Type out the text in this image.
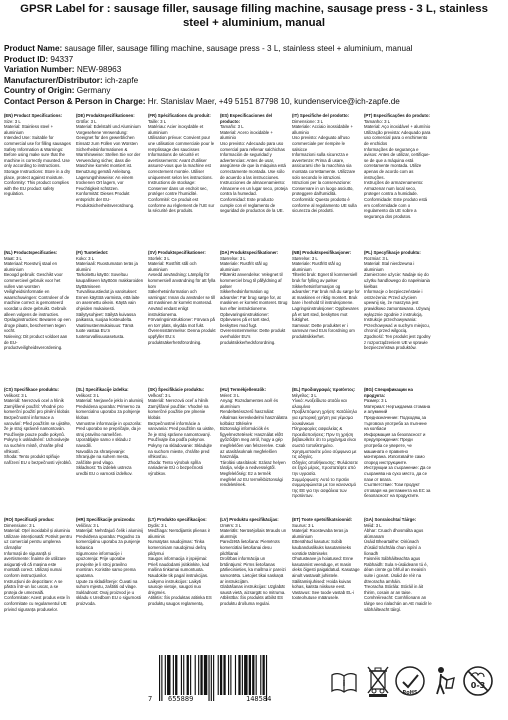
GPSR Label for : sausage filler, sausage filling machine, sausage press - 3 L, stainless steel + aluminium, manual
Product Name: sausage filler, sausage filling machine, sausage press - 3 L, stainless steel + aluminium, manual
Product ID: 94337
Variation Number: NEW-98963
Manufacturer/Distributor: ich-zapfe
Country of Origin: Germany
Contact Person & Person in Charge: Hr. Stanislav Maer, +49 5151 87798 10, kundenservice@ich-zapfe.de
(EN) Product Specifications:
Size: 3 L
Material: Stainless steel + aluminium
Intended Use: Suitable for commercial use for filling sausages
Safety Information & Warnings: Before using make sure that the machine is correctly mounted. Use only according to instructions.
Storage Instructions: Store in a dry place, protect against moisture.
Conformity: This product complies with the EU product safety regulation.
(DE) Produktspezifikationen:
Größe: 3 L
Material: Edelstahl und Aluminium
Vorgesehene Verwendung: Geeignet für den gewerblichen Einsatz zum Füllen von Würsten
Sicherheitsinformationen & Warnhinweise: Stellen Sie vor der Verwendung sicher, dass die Maschine korrekt montiert ist. Benutzung gemäß Anleitung.
Lagerungshinweise: An einem trockenen Ort lagern, vor Feuchtigkeit schützen.
Konformität: Dieses Produkt entspricht der EU-Produktsicherheitsverordnung.
(FR) Spécifications du produit:
Taille: 3 L
Matériau: Acier inoxydable et aluminium
Utilisation prévue: Convient pour une utilisation commerciale pour le remplissage des saucisses
Informations de sécurité et avertissements: Avant d'utiliser assurez-vous que la machine est correctement montée. Utiliser uniquement selon les instructions.
Instructions de stockage: Conserver dans un endroit sec, protéger contre l'humidité.
Conformité: Ce produit est conforme au règlement de l'UE sur la sécurité des produits.
(ES) Especificaciones del producto:
Tamaño: 3 L
Material: Acero inoxidable + aluminio
Uso previsto: Adecuado para uso comercial para rellenar salchichas
Información de seguridad y advertencias: Antes de usar, asegúrese de que la máquina está correctamente montada. Use sólo de acuerdo a las instrucciones.
Instrucciones de almacenamiento: Almacene en un lugar seco, proteja contra la humedad.
Conformidad: Este producto cumple con el reglamento de seguridad de productos de la UE.
(IT) Specifiche del prodotto:
Dimensione: 3 L
Materiale: Acciaio inossidabile + alluminio
Uso previsto: Adeguato all'uso commerciale per riempire le salsicce
Informazioni sulla sicurezza e avvertenze: Prima di usare, assicurarsi che la macchina sia montata correttamente. Utilizzare solo secondo le istruzioni.
Istruzioni per la conservazione: Conservare in un luogo asciutto, proteggere dall'umidità.
Conformità: Questo prodotto è conforme al regolamento UE sulla sicurezza dei prodotti.
(PT) Especificações do produto:
Tamanho: 3 L
Material: Aço inoxidável + alumínio
Utilização prevista: Adequado para uso comercial para o enchimento de enchidos
Informações de segurança e avisos: Antes de utilizar, certifique-se de que a máquina está corretamente montada. Utilize apenas de acordo com as instruções.
Instruções de armazenamento: Armazenar num local seco, proteger contra a humidade.
Conformidade: Este produto está em conformidade com o regulamento da UE sobre a segurança dos produtos.
(NL) Productspecificaties:
Maat: 3 L
Materiaal: Roestvrij staal en aluminium
Beoogd gebruik: Geschikt voor commercieel gebruik voor het vullen van worsten
Veiligheidsinformatie en waarschuwingen: Controleer of de machine correct is gemonteerd voordat u deze gebruikt. Gebruik alleen volgens de instructies.
Opslaginstructies: Bewaren op een droge plaats, beschermen tegen vocht.
Naleving: Dit product voldoet aan de EU-productveiligheidsverordening.
(FI) Tuotetiedot:
Koko: 3 L
Materiaali: Ruostumaton teräs ja alumiini
Tarkoitettu käyttö: Soveltuu kaupalliseen käyttöön makkaroiden täyttämiseen
Turvallisuustiedot ja varoitukset: Ennen käyttöä varmista, että laite on asennettu oikein. Käytä vain ohjeiden mukaisesti.
Säilytysohjeet: Säilytä kuivassa paikassa, suojaa kosteudelta.
Vaatimustenmukaisuus: Tämä tuote vastaa EU:n tuoteturvallisuusasetusta.
(SV) Produktspecifikationer:
Storlek: 3 L
Material: Rostfritt stål och aluminium
Avsedd användning: Lämplig för kommersiell användning för att fylla korv
Säkerhetsinformation och varningar: Innan du använder se till att maskinen är korrekt monterad. Använd endast enligt instruktionerna.
Förvaringsinstruktioner: Förvara på en torr plats, skydda mot fukt.
Överensstämmelse: Denna produkt uppfyller EU:s produktsäkerhetsförordning.
(DA) Produktspecifikationer:
Størrelse: 3 L
Materiale: Rustfrit stål og aluminium
Påtænkt anvendelse: Velegnet til kommerciel brug til påfyldning af pølser
Sikkerhedsinformation og advarsler: Før brug sørge for, at maskinen er korrekt monteret. Brug kun efter instruktionerne.
Opbevaringsinstruktioner: Opbevares på et tørt sted, beskyttes mod fugt.
Overensstemmelse: Dette produkt overholder EU's produktsikkerhedsforordning.
(NB) Produktspesifikasjoner:
Størrelse: 3 L
Materiale: Rustfritt stål og aluminium
Tiltenkt bruk: Egnet til kommersiell bruk for fylling av pølser
Sikkerhetsinformasjon og advarsler: Før bruk må du sørge for at maskinen er riktig montert. Bruk bare i henhold til instruksjonene.
Lagringsinstruksjoner: Oppbevares på et tørt sted, beskyttes mot fuktighet.
Samsvar: Dette produktet er i samsvar med EUs forordning om produktsikkerhet.
(PL) Specyfikacje produktu:
Rozmiar: 3 L
Materiał: Stal nierdzewna i aluminium
Zamierzone użycie: Nadaje się do użytku handlowego do napełniania kiełbas
Informacje o bezpieczeństwie i ostrzeżenia: Przed użyciem upewnij się, że maszyna jest prawidłowo zamontowana. Używaj wyłącznie zgodnie z instrukcją.
Instrukcje przechowywania: Przechowywać w suchym miejscu, chronić przed wilgocią.
Zgodność: Ten produkt jest zgodny z rozporządzeniem UE w sprawie bezpieczeństwa produktów.
(CS) Specifikace produktu:
Velikost: 3 L
Materiál: Nerezová ocel a hliník
Zamýšlené použití: Vhodné pro komerční použití pro plnění klobás
Bezpečnostní informace a varování: Před použitím se ujistěte, že je stroj správně namontován. Používejte pouze podle pokynů.
Pokyny k uskladnění: Uchovávejte na suchém místě, chraňte před vlhkostí.
Shoda: Tento produkt splňuje nařízení EU o bezpečnosti výrobků.
(SL) Specifikacije izdelka:
Velikost: 3 L
Material: Nerjaveče jeklo in aluminij
Predvidena uporaba: Primerno za komercialno uporabo za polnjenje klobas
Varnostne informacije in opozorila: Pred uporabo se prepričajte, da je stroj pravilno nameščen. Uporabljajte samo v skladu z navodili.
Navodila za shranjevanje: Shranjujte na suhem mestu, zaščitite pred vlago.
Skladnost: Ta izdelek ustreza uredbi EU o varnosti izdelkov.
(SK) Špecifikácie produktu:
Veľkosť: 3 L
Materiál: Nerezová oceľ a hliník
Zamýšľané použitie: Vhodné na komerčné použitie pre plnenie klobás
Bezpečnostné informácie a varovania: Pred použitím sa uistite, že je stroj správne namontovaný. Používajte iba podľa pokynov.
Pokyny na skladovanie: Skladujte na suchom mieste, chráňte pred vlhkosťou.
Zhoda: Tento výrobok spĺňa nariadenie EÚ o bezpečnosti výrobkov.
(HU) Termékjellemzők:
Méret: 3 L
Anyag: Rozsdamentes acél és alumínium
Rendeltetésszerű használat: Alkalmas kereskedelmi használatra kolbász töltésére
Biztonsági információk és figyelmeztetések: Használat előtt győződjön meg arról, hogy a gép megfelelően van felszerelve. Csak az utasításoknak megfelelően használja.
Tárolási utasítások: Száraz helyen tárolja, védje a nedvességtől.
Megfelelőség: Ez a termék megfelel az EU termékbiztonsági rendeletének.
(EL) Προδιαγραφές προϊόντος:
Μέγεθος: 3 L
Υλικό: Ανοξείδωτο ατσάλι και αλουμίνιο
Προβλεπόμενη χρήση: Κατάλληλο για εμπορική χρήση για γέμισμα λουκάνικων
Πληροφορίες ασφαλείας & προειδοποιήσεις: Πριν τη χρήση βεβαιωθείτε ότι το μηχάνημα είναι σωστά τοποθετημένο. Χρησιμοποιείτε μόνο σύμφωνα με τις οδηγίες.
Οδηγίες αποθήκευσης: Φυλάσσετε σε ξηρό μέρος, προστατέψτε από την υγρασία.
Συμμόρφωση: Αυτό το προϊόν συμμορφώνεται με τον κανονισμό της ΕΕ για την ασφάλεια των προϊόντων.
(BG) Спецификации на продукта:
Размер: 3 L
Материал: Неръждаема стомана и алуминий
Предназначение: Подходящ за търговска употреба за пълнене на колбаси
Информация за безопасност и предупреждения: Преди употреба се уверете, че машината е правилно монтирана. Използвайте само според инструкциите.
Инструкции за съхранение: Да се съхранява на сухо място, да се пази от влага.
Съответствие: Този продукт отговаря на регламента на ЕС за безопасност на продуктите.
(RO) Specificații produs:
Dimensiune: 3 L
Material: Oțel inoxidabil și aluminiu
Utilizare intenționată: Potrivit pentru uz comercial pentru umplerea cârnaților
Informații de siguranță și avertismente: Înainte de utilizare asigurați-vă că mașina este montată corect. Utilizați numai conform instrucțiunilor.
Instrucțiuni de depozitare: A se păstra într-un loc uscat, a se proteja de umezeală.
Conformitate: Acest produs este în conformitate cu regulamentul UE privind siguranța produselor.
(HR) Specifikacije proizvoda:
Veličina: 3 L
Materijal: Nehrđajući čelik i aluminij
Predviđena uporaba: Pogodno za komercijalnu uporabu za punjenje kobasica
Sigurnosne informacije i upozorenja: Prije uporabe provjerite je li stroj pravilno montiran. Koristite samo prema uputama.
Upute za skladištenje: Čuvati na suhom mjestu, zaštititi od vlage.
Sukladnost: Ovaj proizvod je u skladu s Uredbom EU o sigurnosti proizvoda.
(LT) Produkto specifikacijos:
Dydis: 3 L
Medžiaga: Nerūdijantis plienas ir aliuminis
Numatytas naudojimas: Tinka komerciniam naudojimui dešrų pildymui
Saugos informacija ir įspėjimai: Prieš naudodami įsitikinkite, kad mašina tinkamai sumontuota. Naudokite tik pagal instrukcijas.
Laikymo instrukcijos: Laikyti sausoje vietoje, saugoti nuo drėgmės.
Atitiktis: Šis produktas atitinka ES produktų saugos reglamentą.
(LV) Produktu specifikācijas:
Izmērs: 3 L
Materiāls: Nerūsējošais tērauds un alumīnijs
Paredzētā lietošana: Piemērots komerciālai lietošanai desu pildīšanai
Drošības informācija un brīdinājumi: Pirms lietošanas pārliecinieties, ka mašīna ir pareizi samontēta. Lietojiet tikai saskaņā ar instrukcijām.
Glabāšanas instrukcijas: Uzglabāt sausā vietā, aizsargāt no mitruma.
Atbilstība: Šis produkts atbilst ES produktu drošuma regulai.
(ET) Toote spetsifikatsioonid:
Suurus: 3 L
Materjal: Roostevaba teras ja alumiinium
Ettenähtud kasutus: Sobib kaubanduslikuks kasutamiseks vorstide täitmiseks
Ohutusteave ja hoiatused: Enne kasutamist veenduge, et masin oleks õigesti paigaldatud. Kasutage ainult vastavalt juhistele.
Säilitamisjuhised: Hoida kuivas kohas, kaitsta niiskuse eest.
Vastavus: See toode vastab EL-i tooteohutuse määrusele.
(GA) Sonraíochtaí Táirge:
Méid: 3 L
Ábhar: Cruach dhosmálta agus alúmanam
Úsáid Bheartaithe: Oiriúnach d'úsáid tráchtála chun ispíní a líonadh
Faisnéis Sábháilteachta agus Rabhaidh: Sula n-úsáideann tú é, déan cinnte go bhfuil an meaisín suite i gceart. Úsáid de réir na dtreoracha amháin.
Treoracha Stórála: Stóráil in áit thirim, cosain ar an taise.
Comhréireacht: Comhlíonann an táirge seo rialachán an AE maidir le sábháilteacht táirgí.
7 655889	148584
i
RoHS
0-3
